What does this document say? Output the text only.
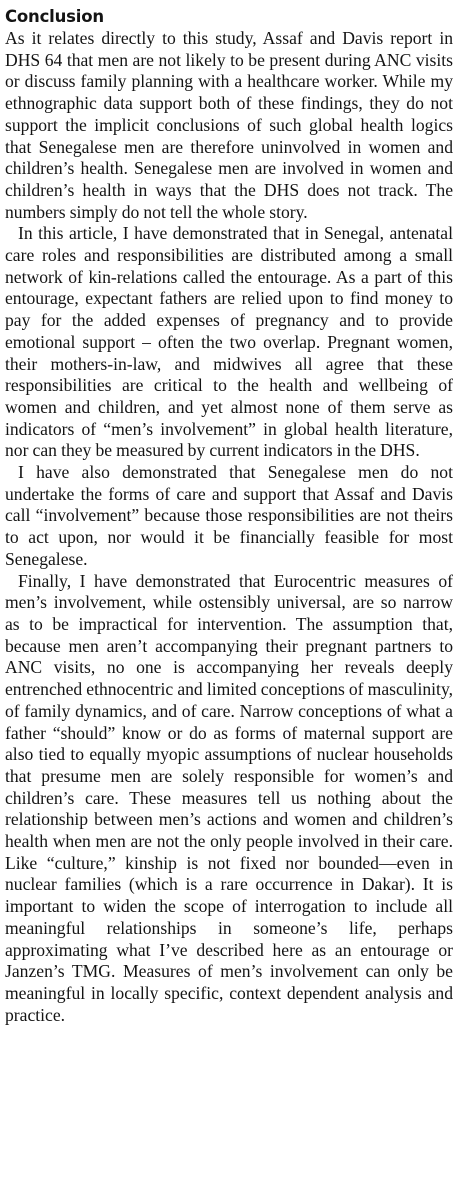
Conclusion

As it relates directly to this study, Assaf and Davis report in DHS 64 that men are not likely to be present during ANC visits or discuss family planning with a healthcare worker. While my ethnographic data support both of these findings, they do not support the implicit conclusions of such global health logics that Senegalese men are therefore uninvolved in women and children’s health. Senegalese men are involved in women and children’s health in ways that the DHS does not track. The numbers simply do not tell the whole story.

In this article, I have demonstrated that in Senegal, antenatal care roles and responsibilities are distributed among a small network of kin-relations called the entourage. As a part of this entourage, expectant fathers are relied upon to find money to pay for the added expenses of pregnancy and to provide emotional support – often the two overlap. Pregnant women, their mothers-in-law, and midwives all agree that these responsibilities are critical to the health and wellbeing of women and children, and yet almost none of them serve as indicators of “men’s involvement” in global health literature, nor can they be measured by current indicators in the DHS.

I have also demonstrated that Senegalese men do not undertake the forms of care and support that Assaf and Davis call “involvement” because those responsibilities are not theirs to act upon, nor would it be financially feasible for most Senegalese.

Finally, I have demonstrated that Eurocentric measures of men’s involvement, while ostensibly universal, are so narrow as to be impractical for intervention. The assumption that, because men aren’t accompanying their pregnant partners to ANC visits, no one is accompanying her reveals deeply entrenched ethnocentric and limited conceptions of masculinity, of family dynamics, and of care. Narrow conceptions of what a father “should” know or do as forms of maternal support are also tied to equally myopic assumptions of nuclear households that presume men are solely responsible for women’s and children’s care. These measures tell us nothing about the relationship between men’s actions and women and children’s health when men are not the only people involved in their care. Like “culture,” kinship is not fixed nor bounded—even in nuclear families (which is a rare occurrence in Dakar). It is important to widen the scope of interrogation to include all meaningful relationships in someone’s life, perhaps approximating what I’ve described here as an entourage or Janzen’s TMG. Measures of men’s involvement can only be meaningful in locally specific, context dependent analysis and practice.
